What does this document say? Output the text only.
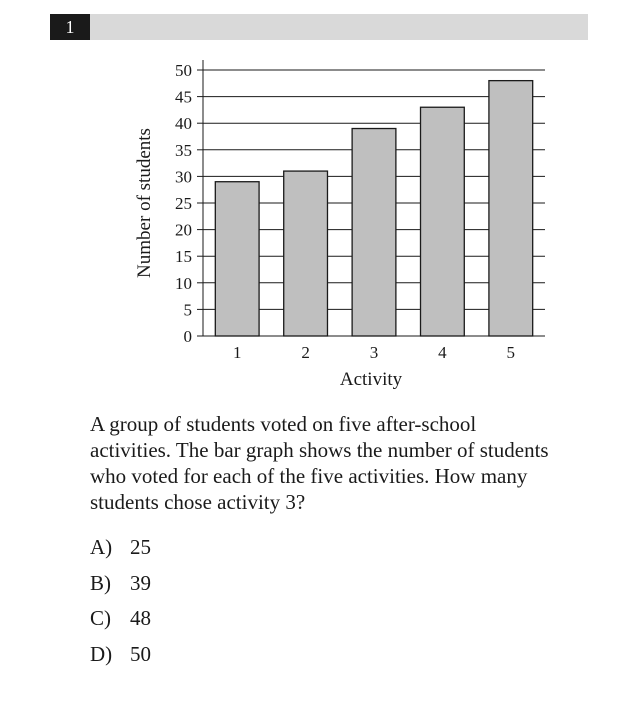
1
0
5
10
15
20
25
30
35
40
45
50
1	2	3	4	5
Activity
Number of students
A group of students voted on five after-school activities. The bar graph shows the number of students who voted for each of the five activities. How many students chose activity 3?
A) 25
B) 39
C) 48
D) 50
